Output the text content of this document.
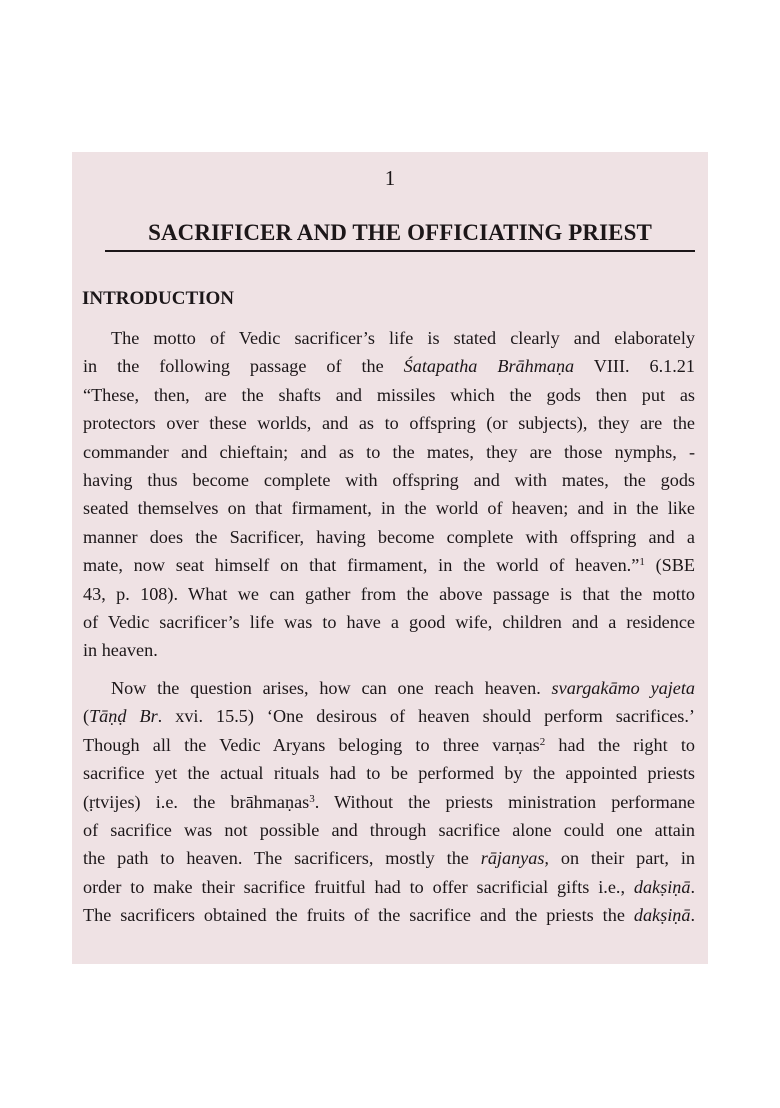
1
SACRIFICER AND THE OFFICIATING PRIEST
INTRODUCTION

The motto of Vedic sacrificer’s life is stated clearly and elaborately
in the following passage of the Śatapatha Brāhmaṇa VIII. 6.1.21
“These, then, are the shafts and missiles which the gods then put as
protectors over these worlds, and as to offspring (or subjects), they are the
commander and chieftain; and as to the mates, they are those nymphs, -
having thus become complete with offspring and with mates, the gods
seated themselves on that firmament, in the world of heaven; and in the like
manner does the Sacrificer, having become complete with offspring and a
mate, now seat himself on that firmament, in the world of heaven.”$^1$ (SBE
43, p. 108). What we can gather from the above passage is that the motto
of Vedic sacrificer’s life was to have a good wife, children and a residence
in heaven.

Now the question arises, how can one reach heaven. svargakāmo yajeta
(Tāṇḍ Br. xvi. 15.5) ‘One desirous of heaven should perform sacrifices.’
Though all the Vedic Aryans beloging to three varṇas$^2$ had the right to
sacrifice yet the actual rituals had to be performed by the appointed priests
(ṛtvijes) i.e. the brāhmaṇas$^3$. Without the priests ministration performane
of sacrifice was not possible and through sacrifice alone could one attain
the path to heaven. The sacrificers, mostly the rājanyas, on their part, in
order to make their sacrifice fruitful had to offer sacrificial gifts i.e., dakṣiṇā.
The sacrificers obtained the fruits of the sacrifice and the priests the dakṣiṇā.
